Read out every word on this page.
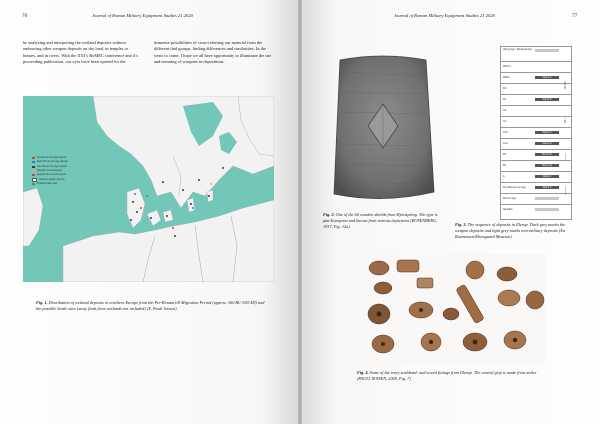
76	Journal of Roman Military Equipment Studies 21 2020
be analyzing and interpreting the wetland deposits without embracing other weapon deposits on dry land, in temples or houses, and in rivers. With the XXI’s RoMEC conference and it’s proceeding publication, our eyes have been opened for the
immense possibilities of cross-referring our material from the different find groups, finding differences and similarities. In the years to come, I hope we all have opportunity to illuminate the use and meaning of weapons in depositions.
Pre-Roman Iron Age deposit
Early Roman Iron Age deposit
Late Roman Iron Age deposit
Migration Period deposit
Deposit from several periods
Undated weapon deposit
Possible battle sites
Fig. 1. Distribution of wetland deposits in northern Europe from the Pre-Roman till Migration Period (approx. 300 BC-550 AD) and the possible bottle sites (stray finds from wetlands not included) (X. Pauli Jensen)
Journal of Roman Military Equipment Studies 21 2020	77
Fig. 2. One of the 60 wooden shields from Hjortspring. The type is pan-European and known from various depictions (ROSENBERG, 1937, Fig. 12a)
Viking Age / Medieval Age
MER II
MER I	Illerup A
D2
D1	Illerup B
C3
C2
C1b	Illerup C
C1a	Illerup D
B2	Illerup 2b
B1	Illerup 2a
A	Illerup 1
Pre-Roman Iron Age	Illerup 0
Bronze Age
Neolithic
AD 500
AD 1
500 BC
1300 BC
Fig. 3. The sequence of deposits in Illerup. Dark grey marks the weapon deposits and light grey marks non-military deposits (Ea Rasmussen/Moesgaard Museum)
Fig. 4. Some of the ivory scabbard- and sword fittings from Illerup. The central grip is made from antler (PAULI JENSEN, 2009, Fig. 7)
